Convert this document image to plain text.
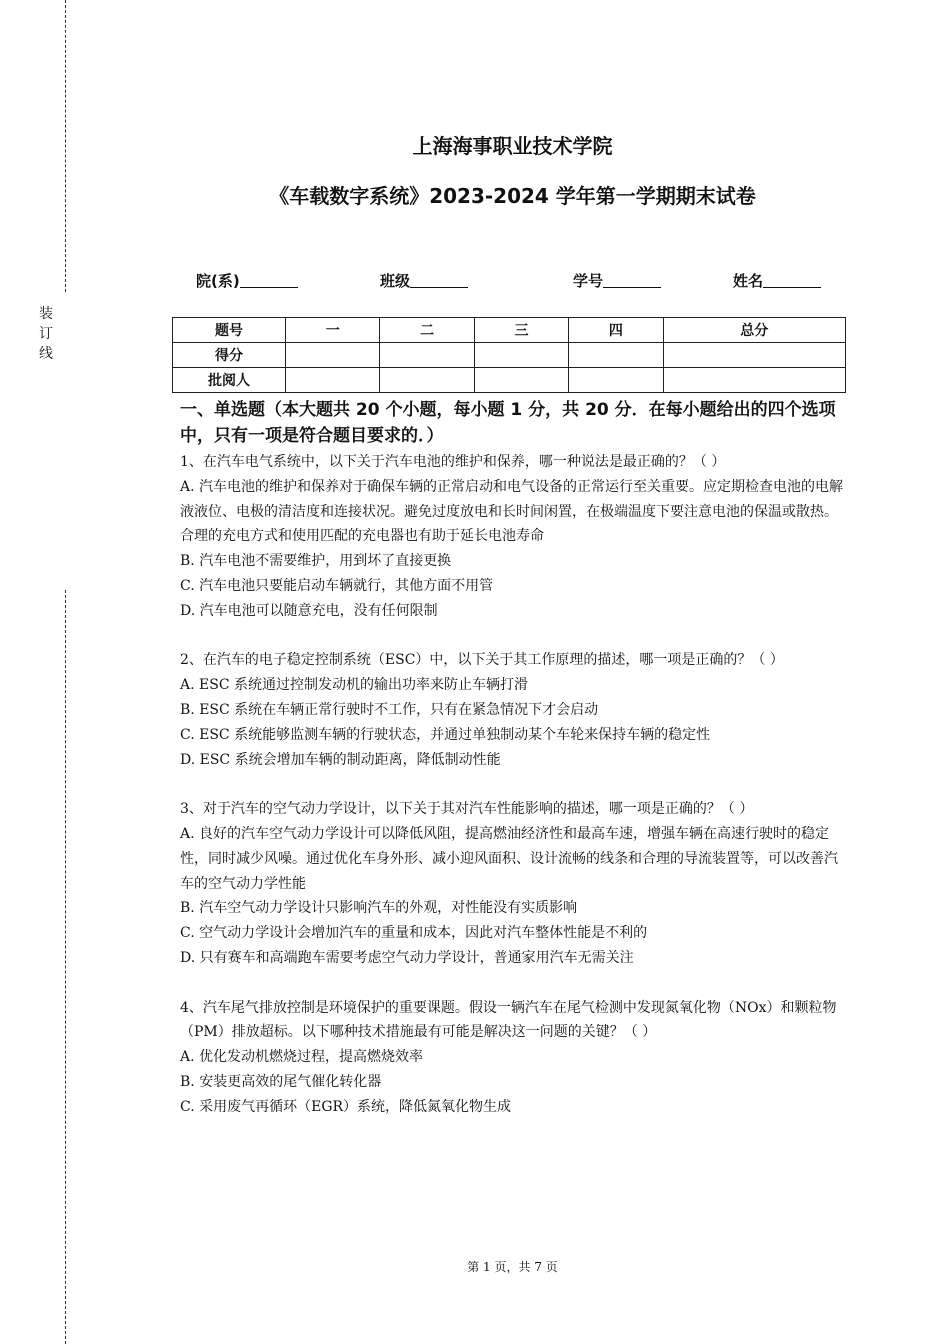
装
订
线
上海海事职业技术学院
《车载数字系统》2023-2024 学年第一学期期末试卷
院(系)	班级	学号	姓名
题号	一	二	三	四	总分
得分					
批阅人					
一、单选题（本大题共 20 个小题，每小题 1 分，共 20 分．在每小题给出的四个选项中，只有一项是符合题目要求的．）
1、在汽车电气系统中，以下关于汽车电池的维护和保养，哪一种说法是最正确的？（ ）
A. 汽车电池的维护和保养对于确保车辆的正常启动和电气设备的正常运行至关重要。应定期检查电池的电解液液位、电极的清洁度和连接状况。避免过度放电和长时间闲置，在极端温度下要注意电池的保温或散热。合理的充电方式和使用匹配的充电器也有助于延长电池寿命
B. 汽车电池不需要维护，用到坏了直接更换
C. 汽车电池只要能启动车辆就行，其他方面不用管
D. 汽车电池可以随意充电，没有任何限制
2、在汽车的电子稳定控制系统（ESC）中，以下关于其工作原理的描述，哪一项是正确的？（ ）
A. ESC 系统通过控制发动机的输出功率来防止车辆打滑
B. ESC 系统在车辆正常行驶时不工作，只有在紧急情况下才会启动
C. ESC 系统能够监测车辆的行驶状态，并通过单独制动某个车轮来保持车辆的稳定性
D. ESC 系统会增加车辆的制动距离，降低制动性能
3、对于汽车的空气动力学设计，以下关于其对汽车性能影响的描述，哪一项是正确的？（ ）
A. 良好的汽车空气动力学设计可以降低风阻，提高燃油经济性和最高车速，增强车辆在高速行驶时的稳定性，同时减少风噪。通过优化车身外形、减小迎风面积、设计流畅的线条和合理的导流装置等，可以改善汽车的空气动力学性能
B. 汽车空气动力学设计只影响汽车的外观，对性能没有实质影响
C. 空气动力学设计会增加汽车的重量和成本，因此对汽车整体性能是不利的
D. 只有赛车和高端跑车需要考虑空气动力学设计，普通家用汽车无需关注
4、汽车尾气排放控制是环境保护的重要课题。假设一辆汽车在尾气检测中发现氮氧化物（NOx）和颗粒物（PM）排放超标。以下哪种技术措施最有可能是解决这一问题的关键？（ ）
A. 优化发动机燃烧过程，提高燃烧效率
B. 安装更高效的尾气催化转化器
C. 采用废气再循环（EGR）系统，降低氮氧化物生成
第 1 页，共 7 页
